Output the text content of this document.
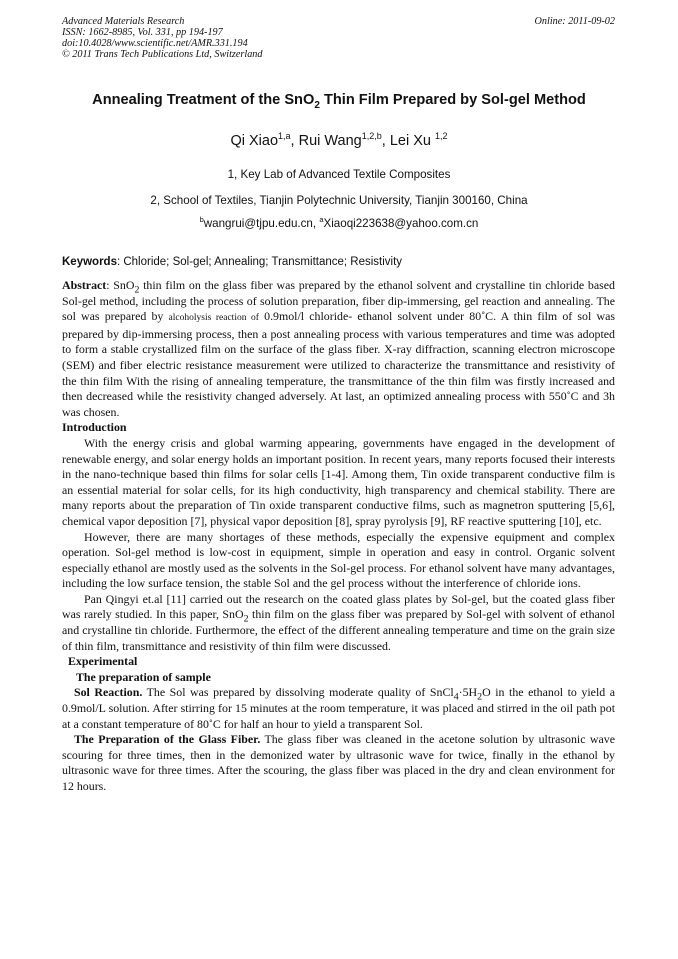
Advanced Materials Research
ISSN: 1662-8985, Vol. 331, pp 194-197
doi:10.4028/www.scientific.net/AMR.331.194
© 2011 Trans Tech Publications Ltd, Switzerland
Online: 2011-09-02
Annealing Treatment of the SnO$_2$ Thin Film Prepared by Sol-gel Method
Qi Xiao$^{1,a}$, Rui Wang$^{1,2,b}$, Lei Xu $^{1,2}$
1, Key Lab of Advanced Textile Composites
2, School of Textiles, Tianjin Polytechnic University, Tianjin 300160, China
$^b$wangrui@tjpu.edu.cn, $^a$Xiaoqi223638@yahoo.com.cn
Keywords: Chloride; Sol-gel; Annealing; Transmittance; Resistivity

Abstract: SnO$_2$ thin film on the glass fiber was prepared by the ethanol solvent and crystalline tin chloride based Sol-gel method, including the process of solution preparation, fiber dip-immersing, gel reaction and annealing. The sol was prepared by alcoholysis reaction of 0.9mol/l chloride- ethanol solvent under 80˚C. A thin film of sol was prepared by dip-immersing process, then a post annealing process with various temperatures and time was adopted to form a stable crystallized film on the surface of the glass fiber. X-ray diffraction, scanning electron microscope (SEM) and fiber electric resistance measurement were utilized to characterize the transmittance and resistivity of the thin film With the rising of annealing temperature, the transmittance of the thin film was firstly increased and then decreased while the resistivity changed adversely. At last, an optimized annealing process with 550˚C and 3h was chosen.

Introduction

With the energy crisis and global warming appearing, governments have engaged in the development of renewable energy, and solar energy holds an important position. In recent years, many reports focused their interests in the nano-technique based thin films for solar cells [1-4]. Among them, Tin oxide transparent conductive film is an essential material for solar cells, for its high conductivity, high transparency and chemical stability. There are many reports about the preparation of Tin oxide transparent conductive films, such as magnetron sputtering [5,6], chemical vapor deposition [7], physical vapor deposition [8], spray pyrolysis [9], RF reactive sputtering [10], etc.

However, there are many shortages of these methods, especially the expensive equipment and complex operation. Sol-gel method is low-cost in equipment, simple in operation and easy in control. Organic solvent especially ethanol are mostly used as the solvents in the Sol-gel process. For ethanol solvent have many advantages, including the low surface tension, the stable Sol and the gel process without the interference of chloride ions.

Pan Qingyi et.al [11] carried out the research on the coated glass plates by Sol-gel, but the coated glass fiber was rarely studied. In this paper, SnO$_2$ thin film on the glass fiber was prepared by Sol-gel with solvent of ethanol and crystalline tin chloride. Furthermore, the effect of the different annealing temperature and time on the grain size of thin film, transmittance and resistivity of thin film were discussed.

Experimental

The preparation of sample

Sol Reaction. The Sol was prepared by dissolving moderate quality of $SnCl_4\cdot 5H_2O$ in the ethanol to yield a 0.9mol/L solution. After stirring for 15 minutes at the room temperature, it was placed and stirred in the oil path pot at a constant temperature of 80˚C for half an hour to yield a transparent Sol.

The Preparation of the Glass Fiber. The glass fiber was cleaned in the acetone solution by ultrasonic wave scouring for three times, then in the demonized water by ultrasonic wave for twice, finally in the ethanol by ultrasonic wave for three times. After the scouring, the glass fiber was placed in the dry and clean environment for 12 hours.
